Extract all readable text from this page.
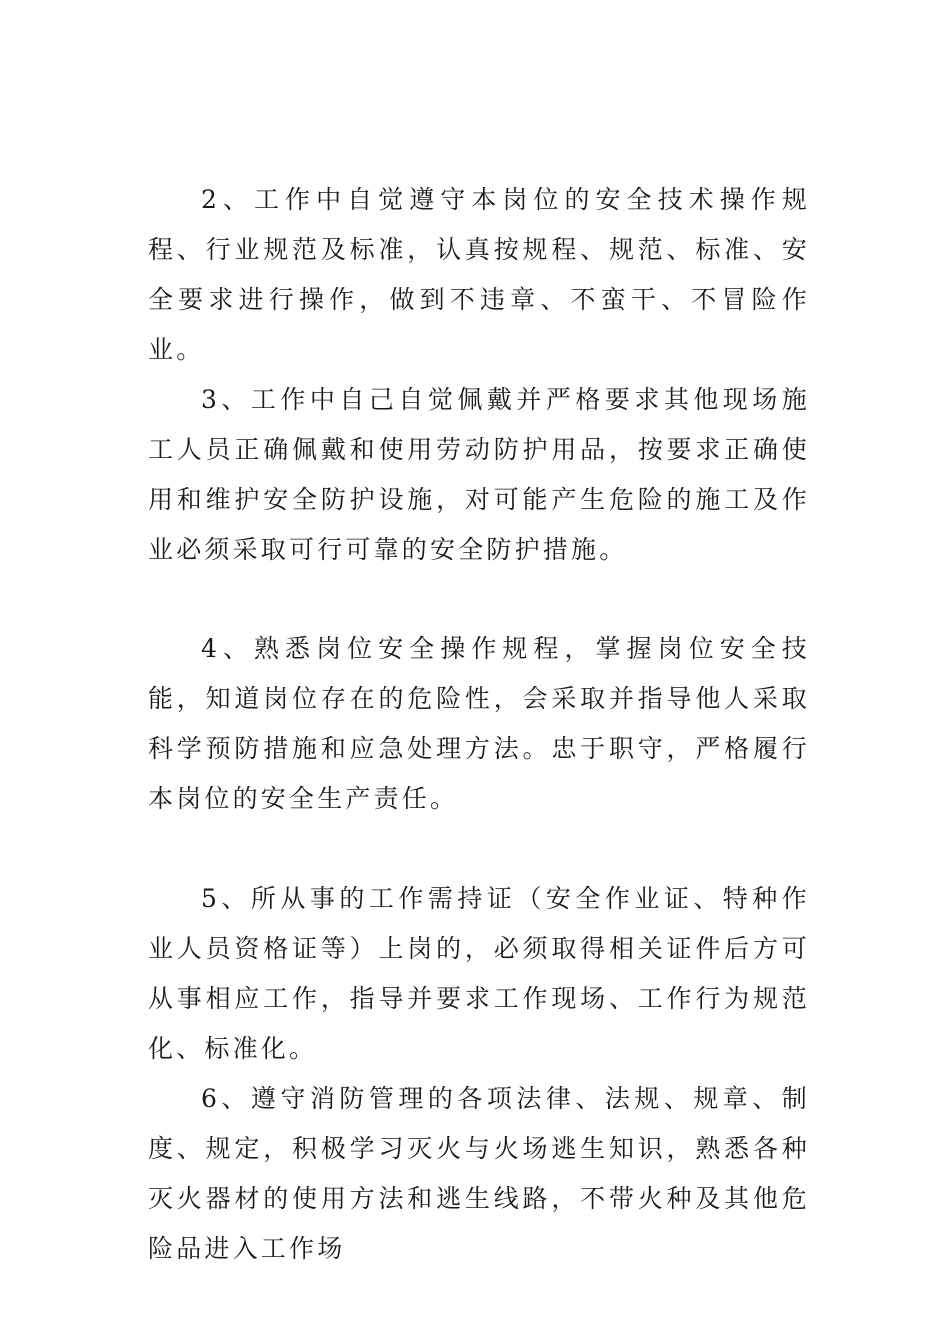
2、工作中自觉遵守本岗位的安全技术操作规程、行业规范及标准，认真按规程、规范、标准、安全要求进行操作，做到不违章、不蛮干、不冒险作业。

3、工作中自己自觉佩戴并严格要求其他现场施工人员正确佩戴和使用劳动防护用品，按要求正确使用和维护安全防护设施，对可能产生危险的施工及作业必须采取可行可靠的安全防护措施。

4、熟悉岗位安全操作规程，掌握岗位安全技能，知道岗位存在的危险性，会采取并指导他人采取科学预防措施和应急处理方法。忠于职守，严格履行本岗位的安全生产责任。

5、所从事的工作需持证（安全作业证、特种作业人员资格证等）上岗的，必须取得相关证件后方可从事相应工作，指导并要求工作现场、工作行为规范化、标准化。

6、遵守消防管理的各项法律、法规、规章、制度、规定，积极学习灭火与火场逃生知识，熟悉各种灭火器材的使用方法和逃生线路，不带火种及其他危险品进入工作场
